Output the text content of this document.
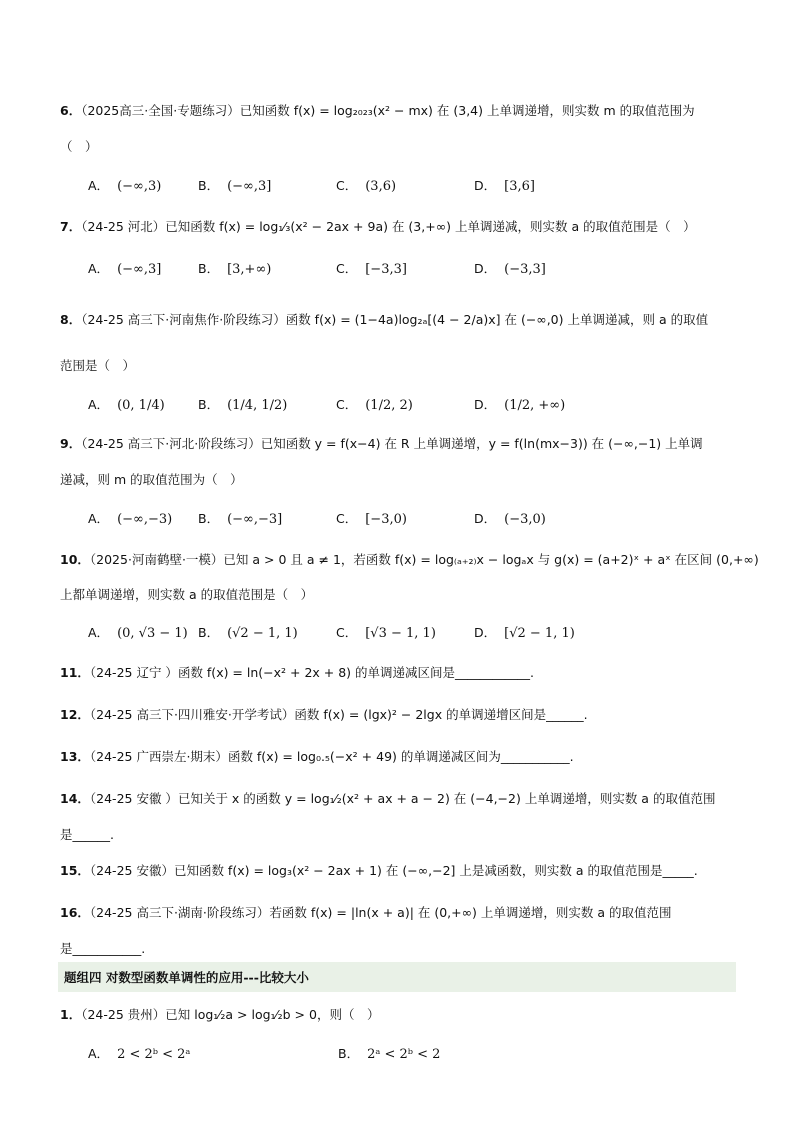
6．（2025高三·全国·专题练习）已知函数 f(x) = log₂₀₂₃(x² − mx) 在 (3,4) 上单调递增，则实数 m 的取值范围为
（　）
A． (−∞,3)	B． (−∞,3]	C． (3,6)	D． [3,6]
7．（24-25 河北）已知函数 f(x) = log₁⁄₃(x² − 2ax + 9a) 在 (3,+∞) 上单调递减，则实数 a 的取值范围是（　）
A． (−∞,3]	B． [3,+∞)	C． [−3,3]	D． (−3,3]
8．（24-25 高三下·河南焦作·阶段练习）函数 f(x) = (1−4a)log₂ₐ[(4 − 2/a)x] 在 (−∞,0) 上单调递减，则 a 的取值
范围是（　）
A． (0, 1/4)	B． (1/4, 1/2)	C． (1/2, 2)	D． (1/2, +∞)
9．（24-25 高三下·河北·阶段练习）已知函数 y = f(x−4) 在 R 上单调递增，y = f(ln(mx−3)) 在 (−∞,−1) 上单调
递减，则 m 的取值范围为（　）
A． (−∞,−3) B． (−∞,−3]	C． [−3,0)	D． (−3,0)
10．（2025·河南鹤壁·一模）已知 a > 0 且 a ≠ 1，若函数 f(x) = log₍ₐ₊₂₎x − logₐx 与 g(x) = (a+2)ˣ + aˣ 在区间 (0,+∞)
上都单调递增，则实数 a 的取值范围是（　）
A． (0, √3 − 1) B． (√2 − 1, 1)	C． [√3 − 1, 1)	D． [√2 − 1, 1)
11．（24-25 辽宁 ）函数 f(x) = ln(−x² + 2x + 8) 的单调递减区间是____________.
12．（24-25 高三下·四川雅安·开学考试）函数 f(x) = (lgx)² − 2lgx 的单调递增区间是______.
13．（24-25 广西崇左·期末）函数 f(x) = log₀.₅(−x² + 49) 的单调递减区间为___________.
14．（24-25 安徽 ）已知关于 x 的函数 y = log₁⁄₂(x² + ax + a − 2) 在 (−4,−2) 上单调递增，则实数 a 的取值范围
是______.
15．（24-25 安徽）已知函数 f(x) = log₃(x² − 2ax + 1) 在 (−∞,−2] 上是减函数，则实数 a 的取值范围是_____.
16．（24-25 高三下·湖南·阶段练习）若函数 f(x) = |ln(x + a)| 在 (0,+∞) 上单调递增，则实数 a 的取值范围
是___________.
题组四 对数型函数单调性的应用---比较大小
1．（24-25 贵州）已知 log₁⁄₂a > log₁⁄₂b > 0，则（　）
A． 2 < 2ᵇ < 2ᵃ	B． 2ᵃ < 2ᵇ < 2
